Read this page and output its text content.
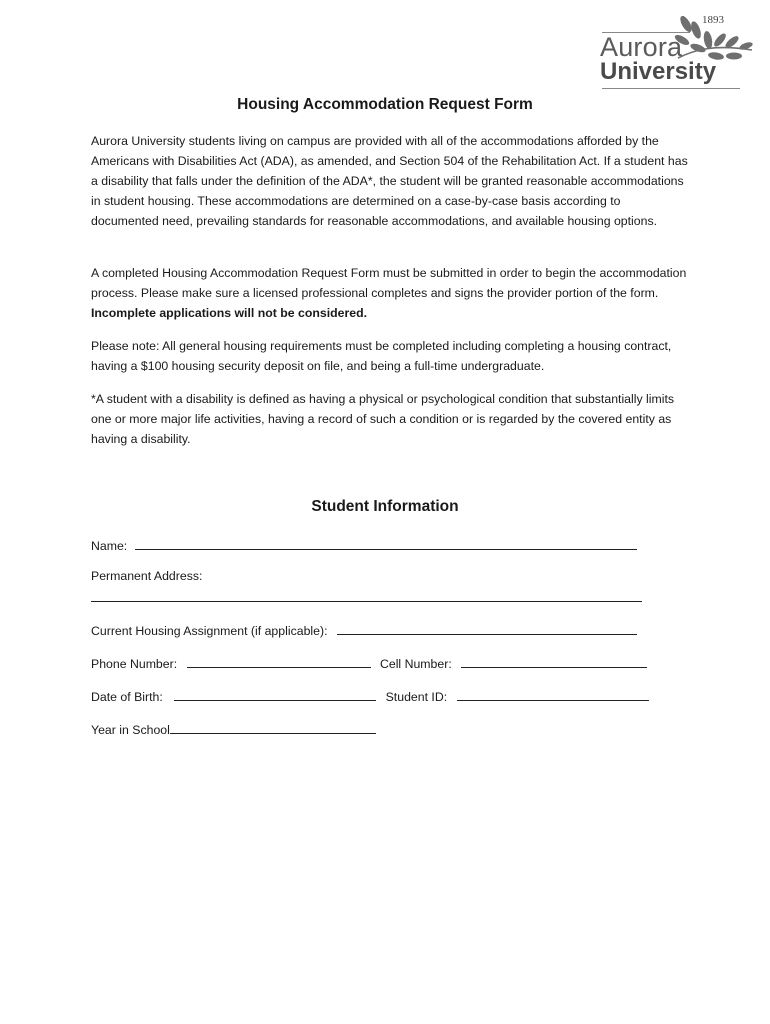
1893
Aurora
University
Housing Accommodation Request Form

Aurora University students living on campus are provided with all of the accommodations afforded by the Americans with Disabilities Act (ADA), as amended, and Section 504 of the Rehabilitation Act. If a student has a disability that falls under the definition of the ADA*, the student will be granted reasonable accommodations in student housing. These accommodations are determined on a case-by-case basis according to documented need, prevailing standards for reasonable accommodations, and available housing options.

A completed Housing Accommodation Request Form must be submitted in order to begin the accommodation process. Please make sure a licensed professional completes and signs the provider portion of the form. Incomplete applications will not be considered.

Please note: All general housing requirements must be completed including completing a housing contract, having a $100 housing security deposit on file, and being a full-time undergraduate.

*A student with a disability is defined as having a physical or psychological condition that substantially limits one or more major life activities, having a record of such a condition or is regarded by the covered entity as having a disability.

Student Information
Name:
Permanent Address:
Current Housing Assignment (if applicable):
Phone Number:	Cell Number:
Date of Birth:	Student ID:
Year in School
